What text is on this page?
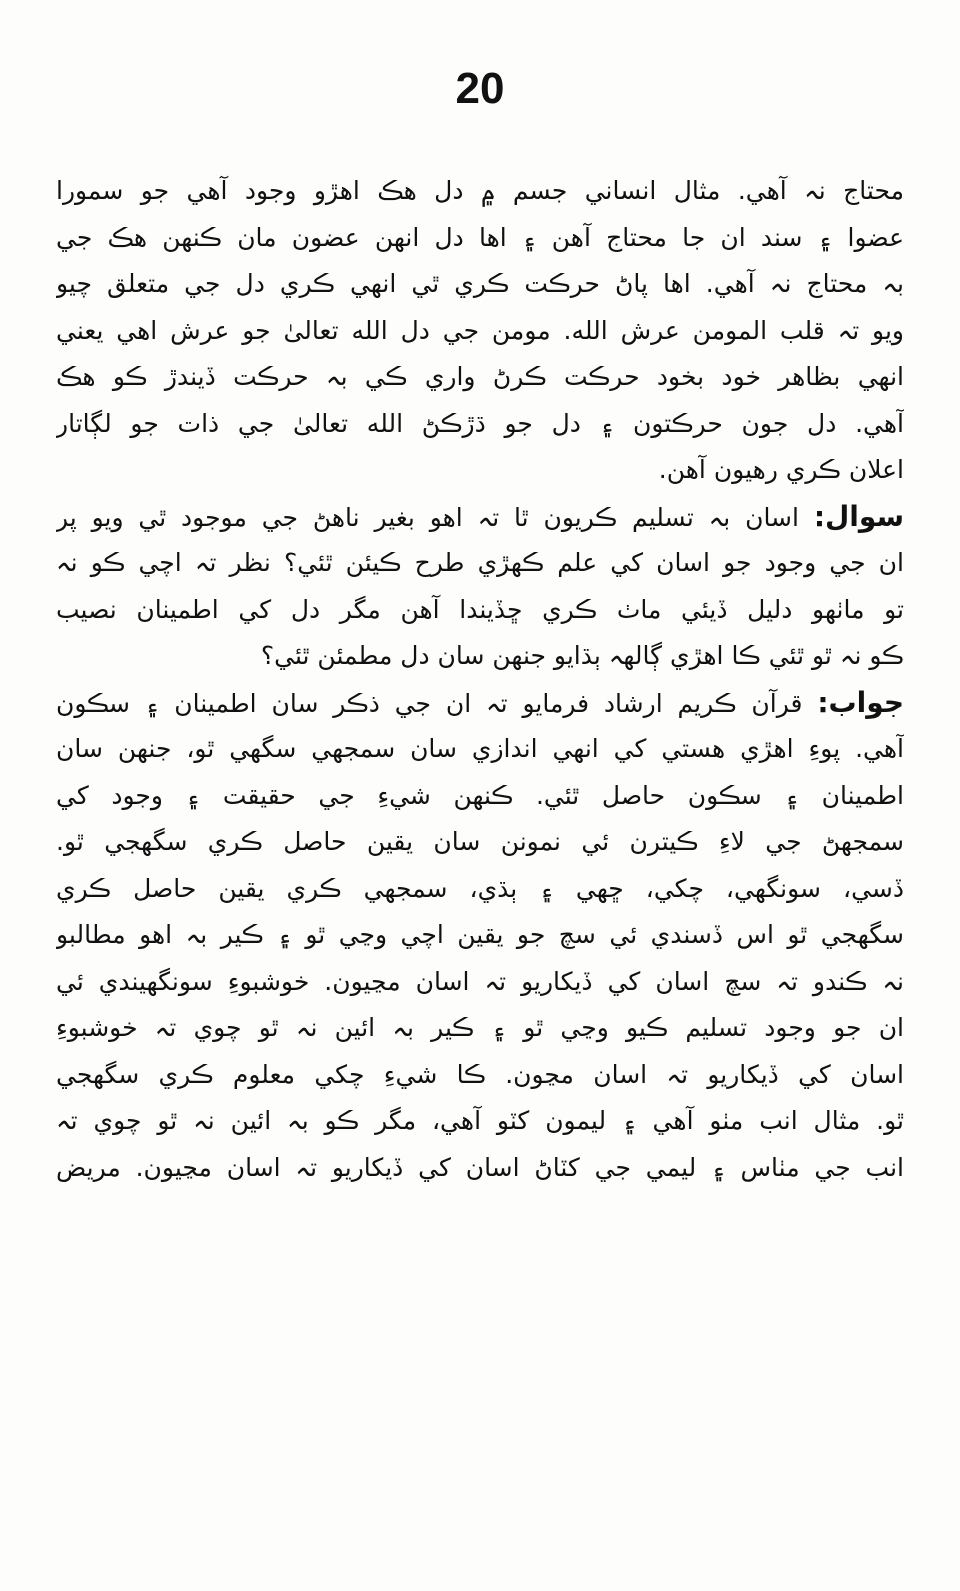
20
محتاج نہ آهي. مثال انساني جسم ۾ دل هڪ اهڙو وجود آهي جو سمورا
عضوا ۽ سند ان جا محتاج آهن ۽ اها دل انهن عضون مان ڪنهن هڪ جي
بہ محتاج نہ آهي. اها پاڻ حرڪت ڪري ٿي انهي ڪري دل جي متعلق چيو
ويو تہ قلب المومن عرش الله. مومن جي دل الله تعالیٰ جو عرش اهي يعني
انهي بظاهر خود بخود حرڪت ڪرڻ واري ڪي بہ حرڪت ڏيندڙ ڪو هڪ
آهي. دل جون حرڪتون ۽ دل جو ڌڙڪڻ الله تعالیٰ جي ذات جو لڳاتار
اعلان ڪري رهيون آهن.
سوال: اسان بہ تسليم ڪريون ٿا تہ اهو بغير ناهڻ جي موجود ٿي ويو پر
ان جي وجود جو اسان کي علم ڪهڙي طرح ڪيئن ٿئي؟ نظر تہ اچي ڪو نہ
تو ماٺهو دليل ڏيئي ماٺ ڪري ڇڏيندا آهن مگر دل کي اطمينان نصيب
ڪو نہ ٿو ٿئي ڪا اهڙي ڳالهہ ٻڌايو جنهن سان دل مطمئن ٿئي؟
جواب: قرآن ڪريم ارشاد فرمايو تہ ان جي ذڪر سان اطمينان ۽ سڪون
آهي. پوءِ اهڙي هستي کي انهي اندازي سان سمجهي سگهي ٿو، جنهن سان
اطمينان ۽ سڪون حاصل ٿئي. ڪنهن شيءِ جي حقيقت ۽ وجود کي
سمجهڻ جي لاءِ ڪيترن ئي نمونن سان يقين حاصل ڪري سگهجي ٿو.
ڏسي، سونگهي، چکي، ڇهي ۽ ٻڌي، سمجهي ڪري يقين حاصل ڪري
سگهجي ٿو اس ڏسندي ئي سچ جو يقين اچي وڃي ٿو ۽ ڪير بہ اهو مطالبو
نہ ڪندو تہ سچ اسان کي ڏيکاريو تہ اسان مڃيون. خوشبوءِ سونگهيندي ئي
ان جو وجود تسليم ڪيو وڃي ٿو ۽ ڪير بہ ائين نہ ٿو چوي تہ خوشبوءِ
اسان کي ڏيکاريو تہ اسان مڃون. ڪا شيءِ چکي معلوم ڪري سگهجي
ٿو. مثال انب مٺو آهي ۽ ليمون کٽو آهي، مگر ڪو بہ ائين نہ ٿو چوي تہ
انب جي مٺاس ۽ ليمي جي کٽاڻ اسان کي ڏيکاريو تہ اسان مڃيون. مريض
